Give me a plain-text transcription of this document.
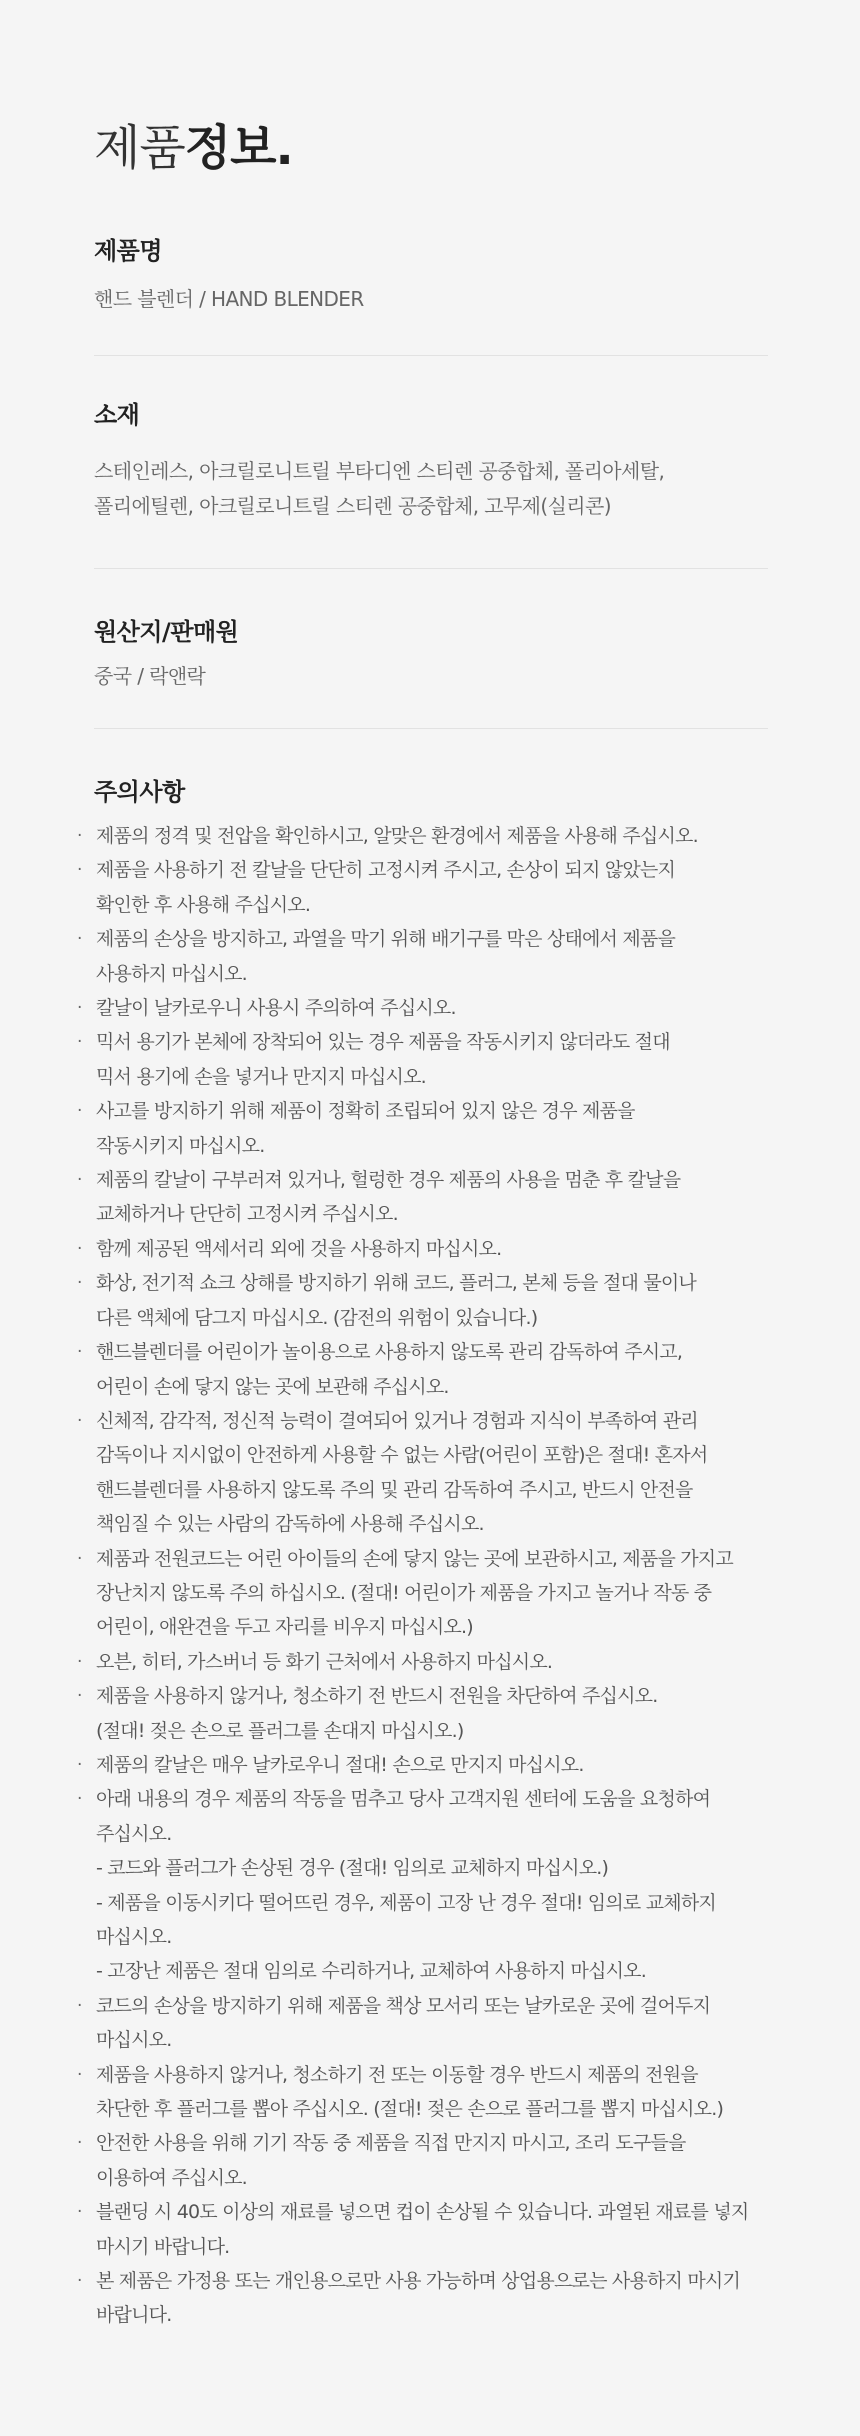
제품정보.
제품명

핸드 블렌더 / HAND BLENDER

소재

스테인레스, 아크릴로니트릴 부타디엔 스티렌 공중합체, 폴리아세탈,
폴리에틸렌, 아크릴로니트릴 스티렌 공중합체, 고무제(실리콘)

원산지/판매원

중국 / 락앤락

주의사항
· 제품의 정격 및 전압을 확인하시고, 알맞은 환경에서 제품을 사용해 주십시오.
· 제품을 사용하기 전 칼날을 단단히 고정시켜 주시고, 손상이 되지 않았는지
확인한 후 사용해 주십시오.
· 제품의 손상을 방지하고, 과열을 막기 위해 배기구를 막은 상태에서 제품을
사용하지 마십시오.
· 칼날이 날카로우니 사용시 주의하여 주십시오.
· 믹서 용기가 본체에 장착되어 있는 경우 제품을 작동시키지 않더라도 절대
믹서 용기에 손을 넣거나 만지지 마십시오.
· 사고를 방지하기 위해 제품이 정확히 조립되어 있지 않은 경우 제품을
작동시키지 마십시오.
· 제품의 칼날이 구부러져 있거나, 헐렁한 경우 제품의 사용을 멈춘 후 칼날을
교체하거나 단단히 고정시켜 주십시오.
· 함께 제공된 액세서리 외에 것을 사용하지 마십시오.
· 화상, 전기적 쇼크 상해를 방지하기 위해 코드, 플러그, 본체 등을 절대 물이나
다른 액체에 담그지 마십시오. (감전의 위험이 있습니다.)
· 핸드블렌더를 어린이가 놀이용으로 사용하지 않도록 관리 감독하여 주시고,
어린이 손에 닿지 않는 곳에 보관해 주십시오.
· 신체적, 감각적, 정신적 능력이 결여되어 있거나 경험과 지식이 부족하여 관리
감독이나 지시없이 안전하게 사용할 수 없는 사람(어린이 포함)은 절대! 혼자서
핸드블렌더를 사용하지 않도록 주의 및 관리 감독하여 주시고, 반드시 안전을
책임질 수 있는 사람의 감독하에 사용해 주십시오.
· 제품과 전원코드는 어린 아이들의 손에 닿지 않는 곳에 보관하시고, 제품을 가지고
장난치지 않도록 주의 하십시오. (절대! 어린이가 제품을 가지고 놀거나 작동 중
어린이, 애완견을 두고 자리를 비우지 마십시오.)
· 오븐, 히터, 가스버너 등 화기 근처에서 사용하지 마십시오.
· 제품을 사용하지 않거나, 청소하기 전 반드시 전원을 차단하여 주십시오.
(절대! 젖은 손으로 플러그를 손대지 마십시오.)
· 제품의 칼날은 매우 날카로우니 절대! 손으로 만지지 마십시오.
· 아래 내용의 경우 제품의 작동을 멈추고 당사 고객지원 센터에 도움을 요청하여
주십시오.
- 코드와 플러그가 손상된 경우 (절대! 임의로 교체하지 마십시오.)
- 제품을 이동시키다 떨어뜨린 경우, 제품이 고장 난 경우 절대! 임의로 교체하지
마십시오.
- 고장난 제품은 절대 임의로 수리하거나, 교체하여 사용하지 마십시오.
· 코드의 손상을 방지하기 위해 제품을 책상 모서리 또는 날카로운 곳에 걸어두지
마십시오.
· 제품을 사용하지 않거나, 청소하기 전 또는 이동할 경우 반드시 제품의 전원을
차단한 후 플러그를 뽑아 주십시오. (절대! 젖은 손으로 플러그를 뽑지 마십시오.)
· 안전한 사용을 위해 기기 작동 중 제품을 직접 만지지 마시고, 조리 도구들을
이용하여 주십시오.
· 블랜딩 시 40도 이상의 재료를 넣으면 컵이 손상될 수 있습니다. 과열된 재료를 넣지
마시기 바랍니다.
· 본 제품은 가정용 또는 개인용으로만 사용 가능하며 상업용으로는 사용하지 마시기
바랍니다.
